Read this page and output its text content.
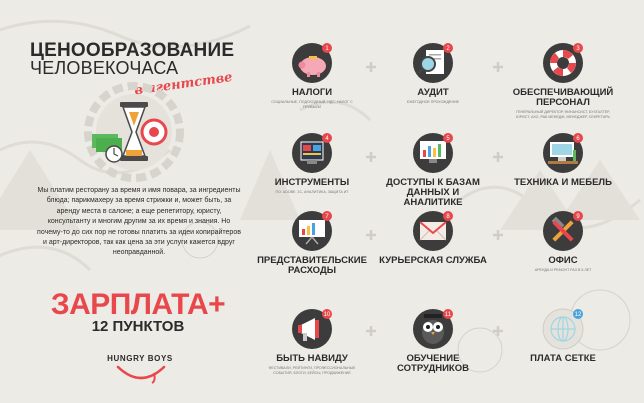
ЦЕНООБРАЗОВАНИЕ
ЧЕЛОВЕКОЧАСА
в агентстве
Мы платим ресторану за время и имя повара, за ингредиенты блюда; парикмахеру за время стрижки и, может быть, за аренду места в салоне; а еще репетитору, юристу, консультанту и многим другим за их время и знания. Но почему-то до сих пор не готовы платить за идеи копирайтеров и арт-директоров, так как цена за эти услуги кажется вдруг неоправданной.
ЗАРПЛАТА+
12 ПУНКТОВ
HUNGRY BOYS
1
НАЛОГИ
СОЦИАЛЬНЫЕ, ПОДОХОДНЫЙ, НДС, НАЛОГ С ПРИБЫЛИ
2
АУДИТ
ЕЖЕГОДНОЕ ПРОХОЖДЕНИЕ
3
ОБЕСПЕЧИВАЮЩИЙ ПЕРСОНАЛ
ГЕНЕРАЛЬНЫЙ ДИРЕКТОР, ФИНАНСИСТ, БУХГАЛТЕР, ЮРИСТ, АХО, РАБ МЕНЕДЖ, МЕНЕДЖЕР, СЕКРЕТАРЬ
4
ИНСТРУМЕНТЫ
ПО: ADOBE, 1С, АНАЛИТИКА, ЗАЩИТА ИТ
5
ДОСТУПЫ К БАЗАМ ДАННЫХ И АНАЛИТИКЕ
6
ТЕХНИКА И МЕБЕЛЬ
7
ПРЕДСТАВИТЕЛЬСКИЕ РАСХОДЫ
8
КУРЬЕРСКАЯ СЛУЖБА
9
ОФИС
АРЕНДА И РЕМОНТ РАЗ В 5 ЛЕТ
10
БЫТЬ НАВИДУ
ФЕСТИВАЛИ, РЕЙТИНГИ, ПРОФЕССИОНАЛЬНЫЕ СОБЫТИЯ, БЛОГИ, КЕЙСЫ, ПРОДВИЖЕНИЕ
11
ОБУЧЕНИЕ СОТРУДНИКОВ
12
ПЛАТА СЕТКЕ
